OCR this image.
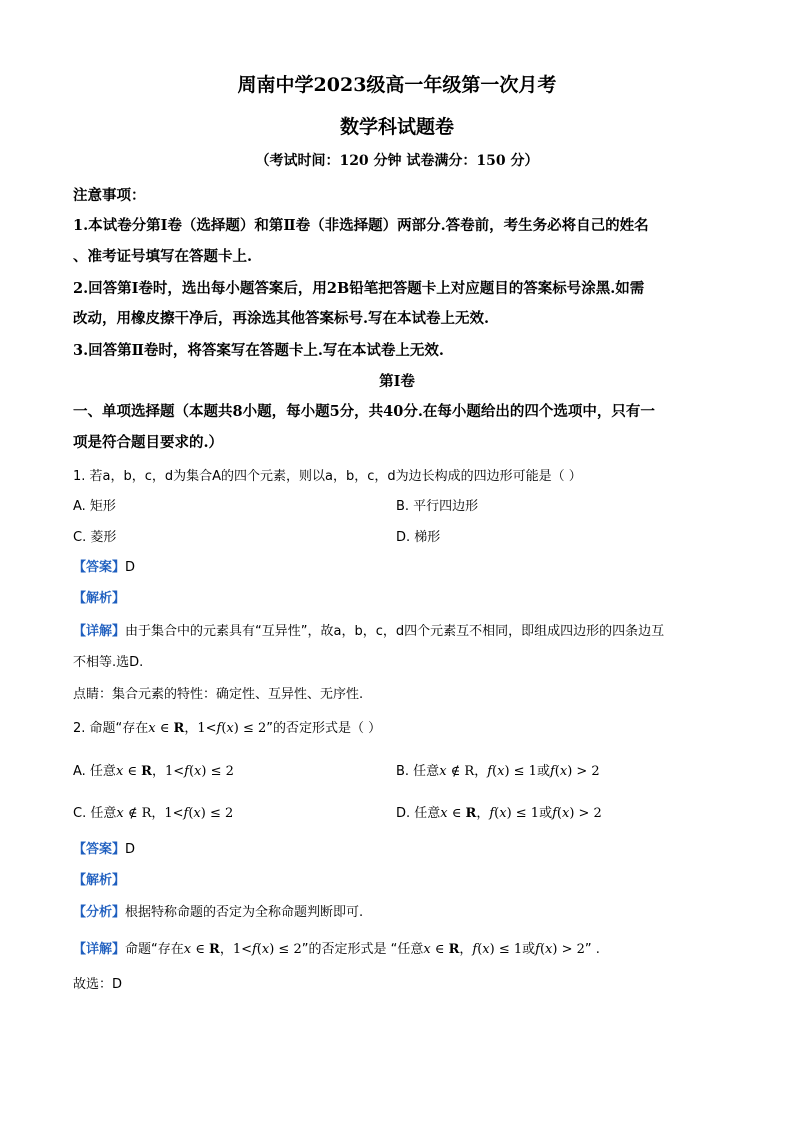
周南中学2023级高一年级第一次月考
数学科试题卷
（考试时间：120 分钟 试卷满分：150 分）
注意事项：
1.本试卷分第Ⅰ卷（选择题）和第Ⅱ卷（非选择题）两部分.答卷前，考生务必将自己的姓名
、准考证号填写在答题卡上.
2.回答第Ⅰ卷时，选出每小题答案后，用2B铅笔把答题卡上对应题目的答案标号涂黑.如需
改动，用橡皮擦干净后，再涂选其他答案标号.写在本试卷上无效.
3.回答第Ⅱ卷时，将答案写在答题卡上.写在本试卷上无效.
第Ⅰ卷
一、单项选择题（本题共8小题，每小题5分，共40分.在每小题给出的四个选项中，只有一
项是符合题目要求的.）
1. 若a，b，c，d为集合A的四个元素，则以a，b，c，d为边长构成的四边形可能是（ ）
A. 矩形	B. 平行四边形
C. 菱形	D. 梯形
【答案】D
【解析】
【详解】由于集合中的元素具有“互异性”，故a，b，c，d四个元素互不相同，即组成四边形的四条边互
不相等.选D.
点睛：集合元素的特性：确定性、互异性、无序性.
2. 命题“存在x ∈ R，1<f(x) ≤ 2”的否定形式是（ ）
A. 任意x ∈ R，1<f(x) ≤ 2	B. 任意x ∉ R，f(x) ≤ 1或f(x) > 2
C. 任意x ∉ R，1<f(x) ≤ 2	D. 任意x ∈ R，f(x) ≤ 1或f(x) > 2
【答案】D
【解析】
【分析】根据特称命题的否定为全称命题判断即可.
【详解】命题“存在x ∈ R，1<f(x) ≤ 2”的否定形式是 “任意x ∈ R，f(x) ≤ 1或f(x) > 2” .
故选：D
